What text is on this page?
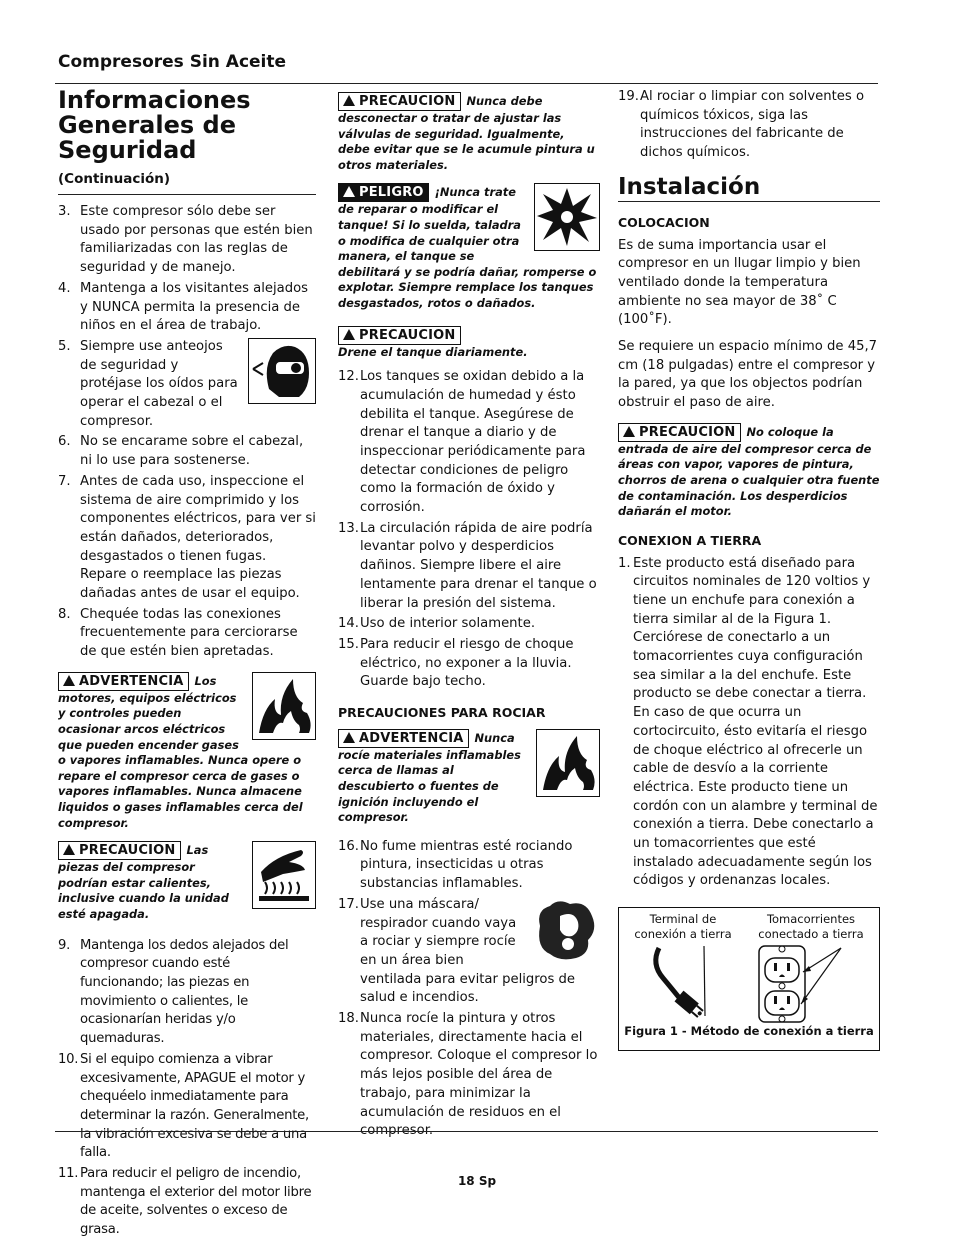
Compresores Sin Aceite
Informaciones Generales de Seguridad (Continuación)
3. Este compresor sólo debe ser usado por personas que estén bien familiarizadas con las reglas de seguridad y de manejo.
4. Mantenga a los visitantes alejados y NUNCA permita la presencia de niños en el área de trabajo.
5. Siempre use anteojos de seguridad y protéjase los oídos para operar el cabezal o el compresor.
6. No se encarame sobre el cabezal, ni lo use para sostenerse.
7. Antes de cada uso, inspeccione el sistema de aire comprimido y los componentes eléctricos, para ver si están dañados, deteriorados, desgastados o tienen fugas. Repare o reemplace las piezas dañadas antes de usar el equipo.
8. Chequée todas las conexiones frecuentemente para cerciorarse de que estén bien apretadas.
ADVERTENCIA Los motores, equipos eléctricos y controles pueden ocasionar arcos eléctricos que pueden encender gases o vapores inflamables. Nunca opere o repare el compresor cerca de gases o vapores inflamables. Nunca almacene liquidos o gases inflamables cerca del compresor.
PRECAUCION Las piezas del compresor podrían estar calientes, inclusive cuando la unidad esté apagada.
9. Mantenga los dedos alejados del compresor cuando esté funcionando; las piezas en movimiento o calientes, le ocasionarían heridas y/o quemaduras.
10. Si el equipo comienza a vibrar excesivamente, APAGUE el motor y chequéelo inmediatamente para determinar la razón. Generalmente, la vibración excesiva se debe a una falla.
11. Para reducir el peligro de incendio, mantenga el exterior del motor libre de aceite, solventes o exceso de grasa.
PRECAUCION Nunca debe desconectar o tratar de ajustar las válvulas de seguridad. Igualmente, debe evitar que se le acumule pintura u otros materiales.
PELIGRO ¡Nunca trate de reparar o modificar el tanque! Si lo suelda, taladra o modifica de cualquier otra manera, el tanque se debilitará y se podría dañar, romperse o explotar. Siempre remplace los tanques desgastados, rotos o dañados.
PRECAUCION
Drene el tanque diariamente.
12. Los tanques se oxidan debido a la acumulación de humedad y ésto debilita el tanque. Asegúrese de drenar el tanque a diario y de inspeccionar periódicamente para detectar condiciones de peligro como la formación de óxido y corrosión.
13. La circulación rápida de aire podría levantar polvo y desperdicios dañinos. Siempre libere el aire lentamente para drenar el tanque o liberar la presión del sistema.
14. Uso de interior solamente.
15. Para reducir el riesgo de choque eléctrico, no exponer a la lluvia. Guarde bajo techo.
PRECAUCIONES PARA ROCIAR
ADVERTENCIA Nunca rocíe materiales inflamables cerca de llamas al descubierto o fuentes de ignición incluyendo el compresor.
16. No fume mientras esté rociando pintura, insecticidas u otras substancias inflamables.
17. Use una máscara/ respirador cuando vaya a rociar y siempre rocíe en un área bien ventilada para evitar peligros de salud e incendios.
18. Nunca rocíe la pintura y otros materiales, directamente hacia el compresor. Coloque el compresor lo más lejos posible del área de trabajo, para minimizar la acumulación de residuos en el compresor.
19. Al rociar o limpiar con solventes o químicos tóxicos, siga las instrucciones del fabricante de dichos químicos.
Instalación
COLOCACION

Es de suma importancia usar el compresor en un llugar limpio y bien ventilado donde la temperatura ambiente no sea mayor de 38˚ C (100˚F).

Se requiere un espacio mínimo de 45,7 cm (18 pulgadas) entre el compresor y la pared, ya que los objectos podrían obstruir el paso de aire.

PRECAUCION No coloque la entrada de aire del compresor cerca de áreas con vapor, vapores de pintura, chorros de arena o cualquier otra fuente de contaminación. Los desperdicios dañarán el motor.
CONEXION A TIERRA
1. Este producto está diseñado para circuitos nominales de 120 voltios y tiene un enchufe para conexión a tierra similar al de la Figura 1. Cerciórese de conectarlo a un tomacorrientes cuya configuración sea similar a la del enchufe. Este producto se debe conectar a tierra. En caso de que ocurra un cortocircuito, ésto evitaría el riesgo de choque eléctrico al ofrecerle un cable de desvío a la corriente eléctrica. Este producto tiene un cordón con un alambre y terminal de conexión a tierra. Debe conectarlo a un tomacorrientes que esté instalado adecuadamente según los códigos y ordenanzas locales.
Terminal de conexión a tierra
Tomacorrientes conectado a tierra
Figura 1 - Método de conexión a tierra
18 Sp
